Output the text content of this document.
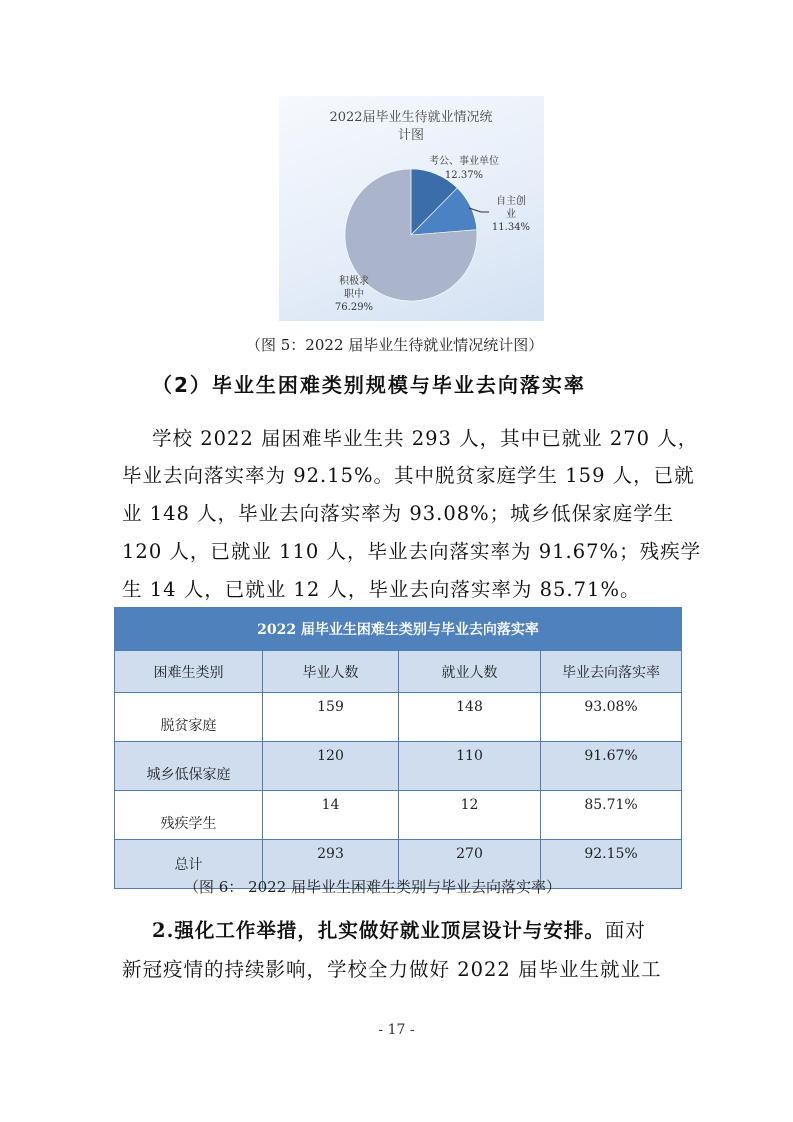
2022届毕业生待就业情况统
计图
考公、事业单位
12.37%
自主创
业
11.34%
积极求
职中
76.29%
（图 5：2022 届毕业生待就业情况统计图）
（2）毕业生困难类别规模与毕业去向落实率
学校 2022 届困难毕业生共 293 人，其中已就业 270 人，
毕业去向落实率为 92.15%。其中脱贫家庭学生 159 人，已就
业 148 人，毕业去向落实率为 93.08%；城乡低保家庭学生
120 人，已就业 110 人，毕业去向落实率为 91.67%；残疾学
生 14 人，已就业 12 人，毕业去向落实率为 85.71%。
2022 届毕业生困难生类别与毕业去向落实率			
困难生类别	毕业人数	就业人数	毕业去向落实率
脱贫家庭	159	148	93.08%
城乡低保家庭	120	110	91.67%
残疾学生	14	12	85.71%
总计	293	270	92.15%
（图 6： 2022 届毕业生困难生类别与毕业去向落实率）
2.强化工作举措，扎实做好就业顶层设计与安排。面对
新冠疫情的持续影响，学校全力做好 2022 届毕业生就业工
- 17 -
